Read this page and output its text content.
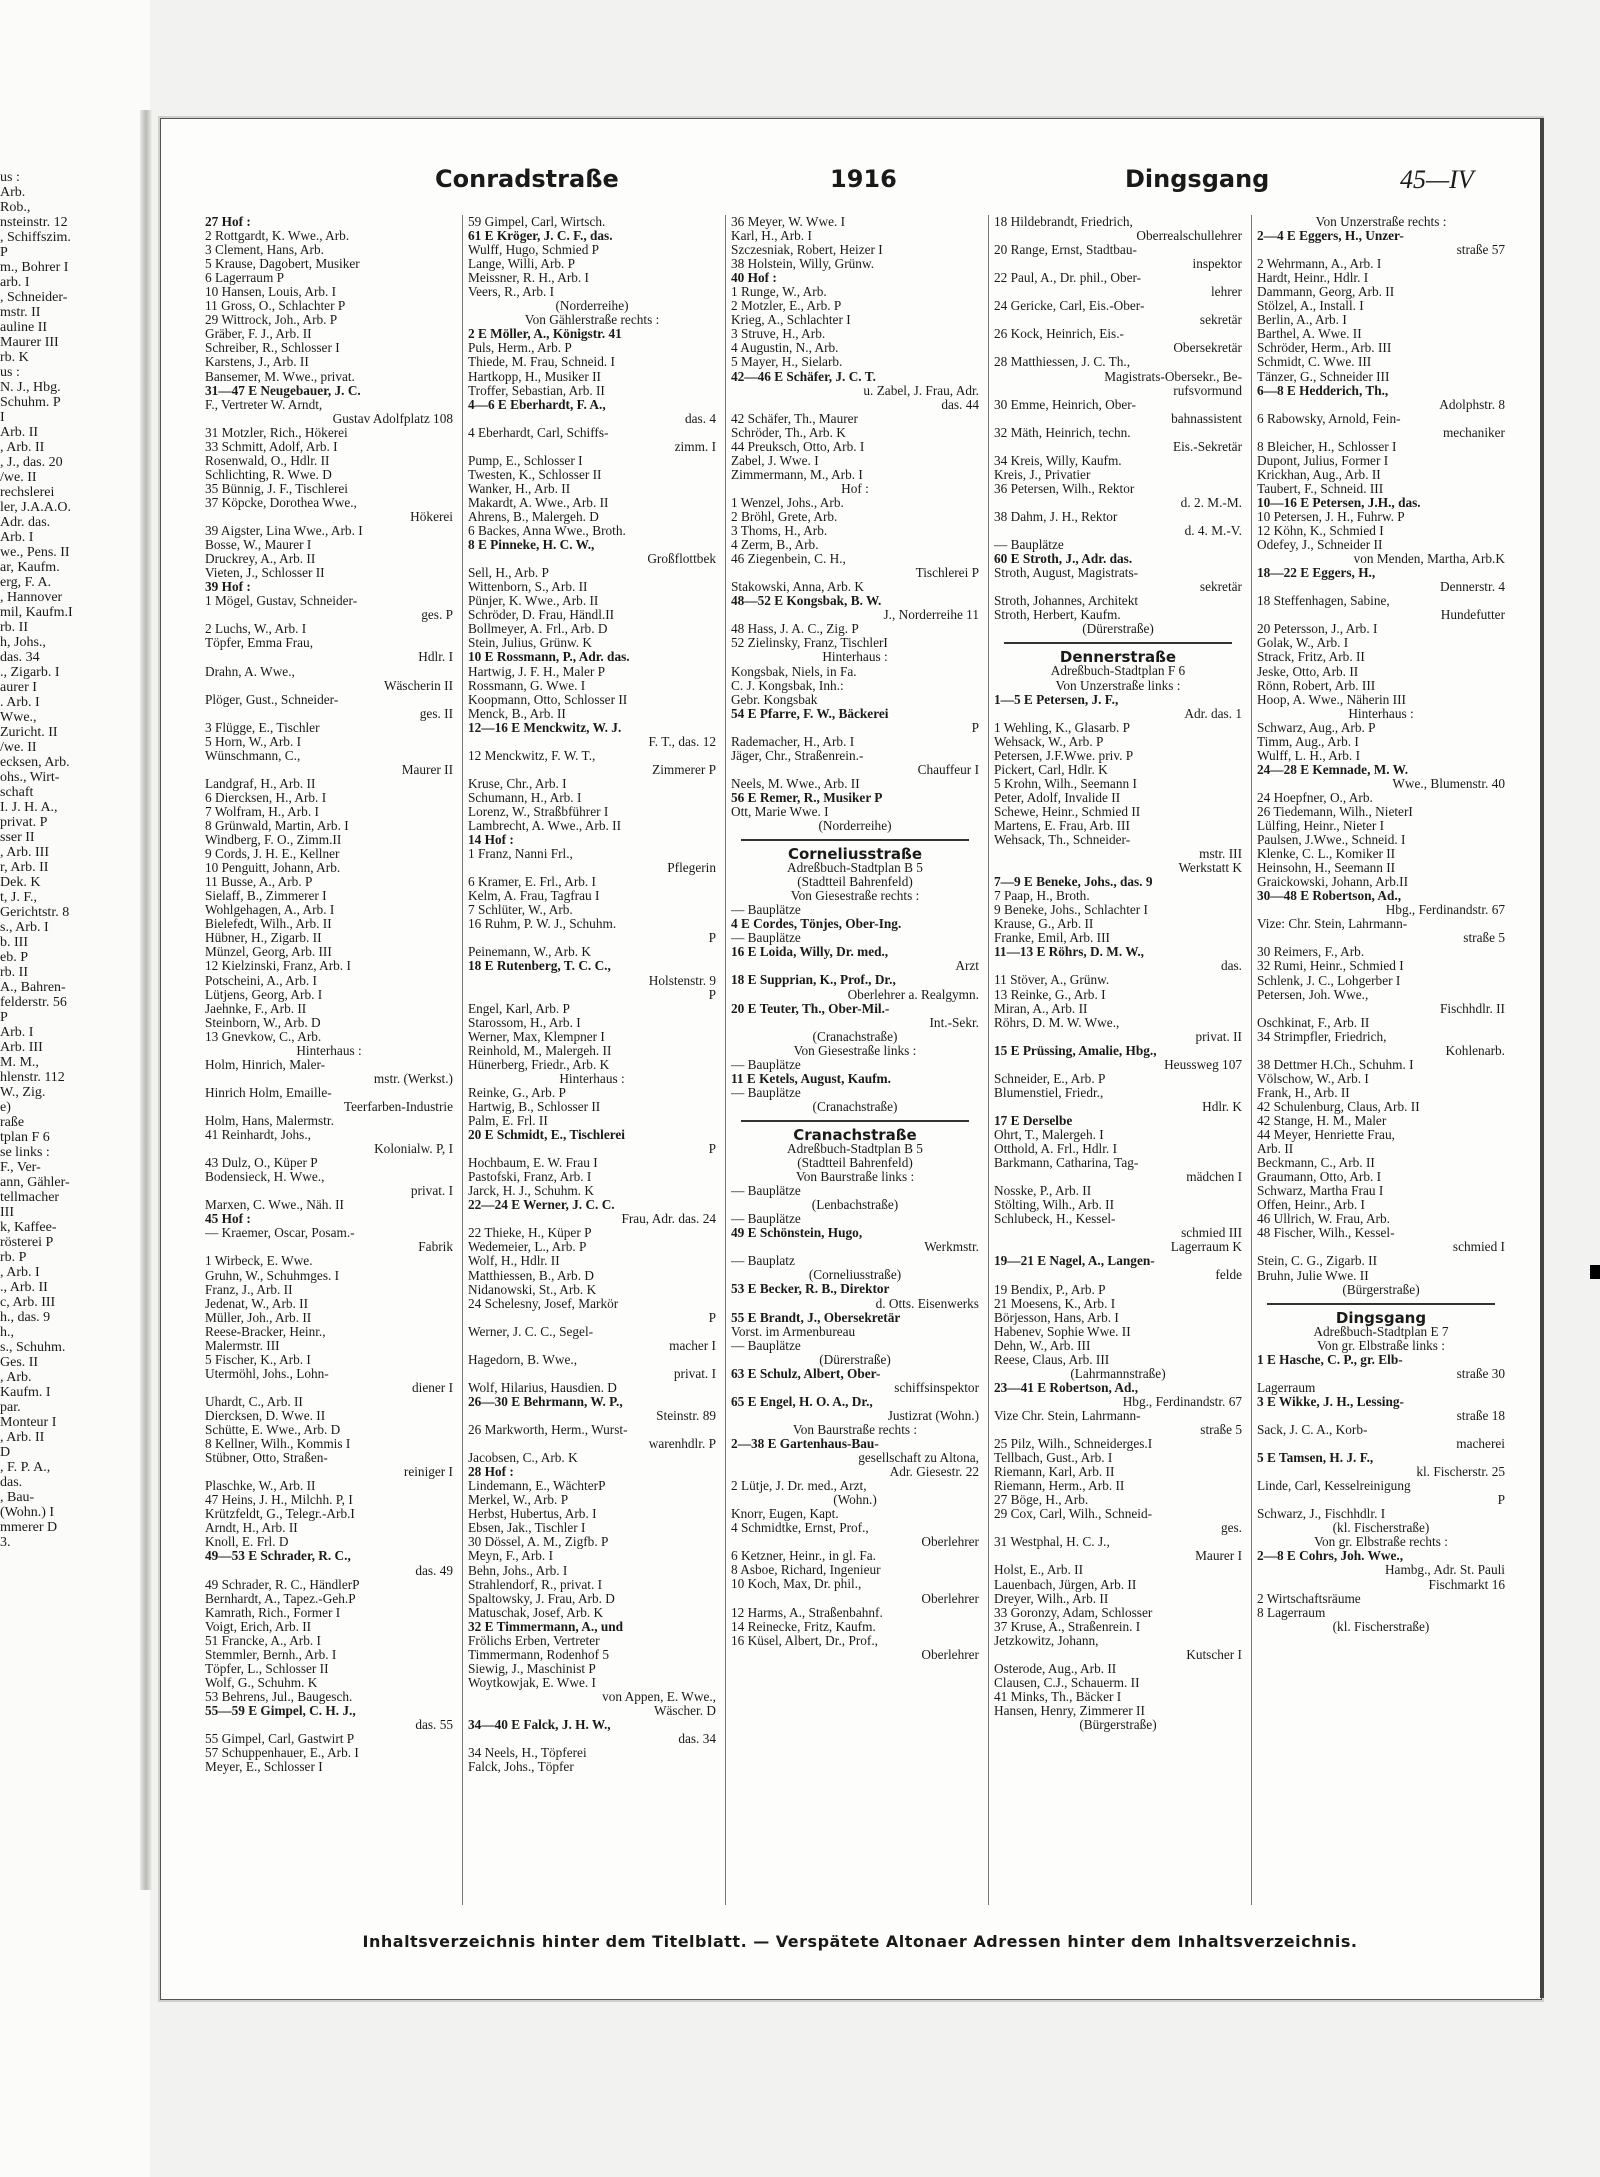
us :
Arb.
Rob.,
nsteinstr. 12
, Schiffszim.
P
m., Bohrer I
arb. I
, Schneider-
mstr. II
auline II
Maurer III
rb. K
us :
N. J., Hbg.
Schuhm. P
I
Arb. II
, Arb. II
, J., das. 20
/we. II
rechslerei
ler, J.A.A.O.
Adr. das.
Arb. I
we., Pens. II
ar, Kaufm.
erg, F. A.
, Hannover
mil, Kaufm.I
rb. II
h, Johs.,
das. 34
., Zigarb. I
aurer I
. Arb. I
Wwe.,
Zuricht. II
/we. II
ecksen, Arb.
ohs., Wirt-
schaft
I. J. H. A.,
privat. P
sser II
, Arb. III
r, Arb. II
Dek. K
t, J. F.,
Gerichtstr. 8
s., Arb. I
b. III
eb. P
rb. II
A., Bahren-
felderstr. 56
P
Arb. I
Arb. III
M. M.,
hlenstr. 112
W., Zig.
e)
raße
tplan F 6
se links :
F., Ver-
ann, Gähler-
tellmacher
III
k, Kaffee-
rösterei P
rb. P
, Arb. I
., Arb. II
c, Arb. III
h., das. 9
h.,
s., Schuhm.
Ges. II
, Arb.
Kaufm. I
par.
Monteur I
, Arb. II
D
, F. P. A.,
das.
, Bau-
(Wohn.) I
mmerer D
3.
Conradstraße	1916	Dingsgang	45—IV
27 Hof :
2 Rottgardt, K. Wwe., Arb.
3 Clement, Hans, Arb.
5 Krause, Dagobert, Musiker
6 Lagerraum P
10 Hansen, Louis, Arb. I
11 Gross, O., Schlachter P
29 Wittrock, Joh., Arb. P
Gräber, F. J., Arb. II
Schreiber, R., Schlosser I
Karstens, J., Arb. II
Bansemer, M. Wwe., privat.
31—47 E Neugebauer, J. C.
F., Vertreter W. Arndt,
Gustav Adolfplatz 108
31 Motzler, Rich., Hökerei
33 Schmitt, Adolf, Arb. I
Rosenwald, O., Hdlr. II
Schlichting, R. Wwe. D
35 Bünnig, J. F., Tischlerei
37 Köpcke, Dorothea Wwe.,
Hökerei
39 Aigster, Lina Wwe., Arb. I
Bosse, W., Maurer I
Druckrey, A., Arb. II
Vieten, J., Schlosser II
39 Hof :
1 Mögel, Gustav, Schneider-
ges. P
2 Luchs, W., Arb. I
Töpfer, Emma Frau,
Hdlr. I
Drahn, A. Wwe.,
Wäscherin II
Plöger, Gust., Schneider-
ges. II
3 Flügge, E., Tischler
5 Horn, W., Arb. I
Wünschmann, C.,
Maurer II
Landgraf, H., Arb. II
6 Diercksen, H., Arb. I
7 Wolfram, H., Arb. I
8 Grünwald, Martin, Arb. I
Windberg, F. O., Zimm.II
9 Cords, J. H. E., Kellner
10 Penguitt, Johann, Arb.
11 Busse, A., Arb. P
Sielaff, B., Zimmerer I
Wohlgehagen, A., Arb. I
Bielefedt, Wilh., Arb. II
Hübner, H., Zigarb. II
Münzel, Georg, Arb. III
12 Kielzinski, Franz, Arb. I
Potscheini, A., Arb. I
Lütjens, Georg, Arb. I
Jaehnke, F., Arb. II
Steinborn, W., Arb. D
13 Gnevkow, C., Arb.
Hinterhaus :
Holm, Hinrich, Maler-
mstr. (Werkst.)
Hinrich Holm, Emaille-
Teerfarben-Industrie
Holm, Hans, Malermstr.
41 Reinhardt, Johs.,
Kolonialw. P, I
43 Dulz, O., Küper P
Bodensieck, H. Wwe.,
privat. I
Marxen, C. Wwe., Näh. II
45 Hof :
— Kraemer, Oscar, Posam.-
Fabrik
1 Wirbeck, E. Wwe.
Gruhn, W., Schuhmges. I
Franz, J., Arb. II
Jedenat, W., Arb. II
Müller, Joh., Arb. II
Reese-Bracker, Heinr.,
Malermstr. III
5 Fischer, K., Arb. I
Utermöhl, Johs., Lohn-
diener I
Uhardt, C., Arb. II
Diercksen, D. Wwe. II
Schütte, E. Wwe., Arb. D
8 Kellner, Wilh., Kommis I
Stübner, Otto, Straßen-
reiniger I
Plaschke, W., Arb. II
47 Heins, J. H., Milchh. P, I
Krützfeldt, G., Telegr.-Arb.I
Arndt, H., Arb. II
Knoll, E. Frl. D
49—53 E Schrader, R. C.,
das. 49
49 Schrader, R. C., HändlerP
Bernhardt, A., Tapez.-Geh.P
Kamrath, Rich., Former I
Voigt, Erich, Arb. II
51 Francke, A., Arb. I
Stemmler, Bernh., Arb. I
Töpfer, L., Schlosser II
Wolf, G., Schuhm. K
53 Behrens, Jul., Baugesch.
55—59 E Gimpel, C. H. J.,
das. 55
55 Gimpel, Carl, Gastwirt P
57 Schuppenhauer, E., Arb. I
Meyer, E., Schlosser I
59 Gimpel, Carl, Wirtsch.
61 E Kröger, J. C. F., das.
Wulff, Hugo, Schmied P
Lange, Willi, Arb. P
Meissner, R. H., Arb. I
Veers, R., Arb. I
(Norderreihe)
Von Gählerstraße rechts :
2 E Möller, A., Königstr. 41
Puls, Herm., Arb. P
Thiede, M. Frau, Schneid. I
Hartkopp, H., Musiker II
Troffer, Sebastian, Arb. II
4—6 E Eberhardt, F. A.,
das. 4
4 Eberhardt, Carl, Schiffs-
zimm. I
Pump, E., Schlosser I
Twesten, K., Schlosser II
Wanker, H., Arb. II
Makardt, A. Wwe., Arb. II
Ahrens, B., Malergeh. D
6 Backes, Anna Wwe., Broth.
8 E Pinneke, H. C. W.,
Großflottbek
Sell, H., Arb. P
Wittenborn, S., Arb. II
Pünjer, K. Wwe., Arb. II
Schröder, D. Frau, Händl.II
Bollmeyer, A. Frl., Arb. D
Stein, Julius, Grünw. K
10 E Rossmann, P., Adr. das.
Hartwig, J. F. H., Maler P
Rossmann, G. Wwe. I
Koopmann, Otto, Schlosser II
Menck, B., Arb. II
12—16 E Menckwitz, W. J.
F. T., das. 12
12 Menckwitz, F. W. T.,
Zimmerer P
Kruse, Chr., Arb. I
Schumann, H., Arb. I
Lorenz, W., Straßbführer I
Lambrecht, A. Wwe., Arb. II
14 Hof :
1 Franz, Nanni Frl.,
Pflegerin
6 Kramer, E. Frl., Arb. I
Kelm, A. Frau, Tagfrau I
7 Schlüter, W., Arb.
16 Ruhm, P. W. J., Schuhm.
P
Peinemann, W., Arb. K
18 E Rutenberg, T. C. C.,
Holstenstr. 9
P
Engel, Karl, Arb. P
Starossom, H., Arb. I
Werner, Max, Klempner I
Reinhold, M., Malergeh. II
Hünerberg, Friedr., Arb. K
Hinterhaus :
Reinke, G., Arb. P
Hartwig, B., Schlosser II
Palm, E. Frl. II
20 E Schmidt, E., Tischlerei
P
Hochbaum, E. W. Frau I
Pastofski, Franz, Arb. I
Jarck, H. J., Schuhm. K
22—24 E Werner, J. C. C.
Frau, Adr. das. 24
22 Thieke, H., Küper P
Wedemeier, L., Arb. P
Wolf, H., Hdlr. II
Matthiessen, B., Arb. D
Nidanowski, St., Arb. K
24 Schelesny, Josef, Markör
P
Werner, J. C. C., Segel-
macher I
Hagedorn, B. Wwe.,
privat. I
Wolf, Hilarius, Hausdien. D
26—30 E Behrmann, W. P.,
Steinstr. 89
26 Markworth, Herm., Wurst-
warenhdlr. P
Jacobsen, C., Arb. K
28 Hof :
Lindemann, E., WächterP
Merkel, W., Arb. P
Herbst, Hubertus, Arb. I
Ebsen, Jak., Tischler I
30 Dössel, A. M., Zigfb. P
Meyn, F., Arb. I
Behn, Johs., Arb. I
Strahlendorf, R., privat. I
Spaltowsky, J. Frau, Arb. D
Matuschak, Josef, Arb. K
32 E Timmermann, A., und
Frölichs Erben, Vertreter
Timmermann, Rodenhof 5
Siewig, J., Maschinist P
Woytkowjak, E. Wwe. I
von Appen, E. Wwe.,
Wäscher. D
34—40 E Falck, J. H. W.,
das. 34
34 Neels, H., Töpferei
Falck, Johs., Töpfer
36 Meyer, W. Wwe. I
Karl, H., Arb. I
Szczesniak, Robert, Heizer I
38 Holstein, Willy, Grünw.
40 Hof :
1 Runge, W., Arb.
2 Motzler, E., Arb. P
Krieg, A., Schlachter I
3 Struve, H., Arb.
4 Augustin, N., Arb.
5 Mayer, H., Sielarb.
42—46 E Schäfer, J. C. T.
u. Zabel, J. Frau, Adr.
das. 44
42 Schäfer, Th., Maurer
Schröder, Th., Arb. K
44 Preuksch, Otto, Arb. I
Zabel, J. Wwe. I
Zimmermann, M., Arb. I
Hof :
1 Wenzel, Johs., Arb.
2 Bröhl, Grete, Arb.
3 Thoms, H., Arb.
4 Zerm, B., Arb.
46 Ziegenbein, C. H.,
Tischlerei P
Stakowski, Anna, Arb. K
48—52 E Kongsbak, B. W.
J., Norderreihe 11
48 Hass, J. A. C., Zig. P
52 Zielinsky, Franz, TischlerI
Hinterhaus :
Kongsbak, Niels, in Fa.
C. J. Kongsbak, Inh.:
Gebr. Kongsbak
54 E Pfarre, F. W., Bäckerei
P
Rademacher, H., Arb. I
Jäger, Chr., Straßenrein.-
Chauffeur I
Neels, M. Wwe., Arb. II
56 E Remer, R., Musiker P
Ott, Marie Wwe. I
(Norderreihe)
Corneliusstraße
Adreßbuch-Stadtplan B 5
(Stadtteil Bahrenfeld)
Von Giesestraße rechts :
— Bauplätze
4 E Cordes, Tönjes, Ober-Ing.
— Bauplätze
16 E Loida, Willy, Dr. med.,
Arzt
18 E Supprian, K., Prof., Dr.,
Oberlehrer a. Realgymn.
20 E Teuter, Th., Ober-Mil.-
Int.-Sekr.
(Cranachstraße)
Von Giesestraße links :
— Bauplätze
11 E Ketels, August, Kaufm.
— Bauplätze
(Cranachstraße)
Cranachstraße
Adreßbuch-Stadtplan B 5
(Stadtteil Bahrenfeld)
Von Baurstraße links :
— Bauplätze
(Lenbachstraße)
— Bauplätze
49 E Schönstein, Hugo,
Werkmstr.
— Bauplatz
(Corneliusstraße)
53 E Becker, R. B., Direktor
d. Otts. Eisenwerks
55 E Brandt, J., Obersekretär
Vorst. im Armenbureau
— Bauplätze
(Dürerstraße)
63 E Schulz, Albert, Ober-
schiffsinspektor
65 E Engel, H. O. A., Dr.,
Justizrat (Wohn.)
Von Baurstraße rechts :
2—38 E Gartenhaus-Bau-
gesellschaft zu Altona,
Adr. Giesestr. 22
2 Lütje, J. Dr. med., Arzt,
(Wohn.)
Knorr, Eugen, Kapt.
4 Schmidtke, Ernst, Prof.,
Oberlehrer
6 Ketzner, Heinr., in gl. Fa.
8 Asboe, Richard, Ingenieur
10 Koch, Max, Dr. phil.,
Oberlehrer
12 Harms, A., Straßenbahnf.
14 Reinecke, Fritz, Kaufm.
16 Küsel, Albert, Dr., Prof.,
Oberlehrer
18 Hildebrandt, Friedrich,
Oberrealschullehrer
20 Range, Ernst, Stadtbau-
inspektor
22 Paul, A., Dr. phil., Ober-
lehrer
24 Gericke, Carl, Eis.-Ober-
sekretär
26 Kock, Heinrich, Eis.-
Obersekretär
28 Matthiessen, J. C. Th.,
Magistrats-Obersekr., Be-
rufsvormund
30 Emme, Heinrich, Ober-
bahnassistent
32 Mäth, Heinrich, techn.
Eis.-Sekretär
34 Kreis, Willy, Kaufm.
Kreis, J., Privatier
36 Petersen, Wilh., Rektor
d. 2. M.-M.
38 Dahm, J. H., Rektor
d. 4. M.-V.
— Bauplätze
60 E Stroth, J., Adr. das.
Stroth, August, Magistrats-
sekretär
Stroth, Johannes, Architekt
Stroth, Herbert, Kaufm.
(Dürerstraße)
Dennerstraße
Adreßbuch-Stadtplan F 6
Von Unzerstraße links :
1—5 E Petersen, J. F.,
Adr. das. 1
1 Wehling, K., Glasarb. P
Wehsack, W., Arb. P
Petersen, J.F.Wwe. priv. P
Pickert, Carl, Hdlr. K
5 Krohn, Wilh., Seemann I
Peter, Adolf, Invalide II
Schewe, Heinr., Schmied II
Martens, E. Frau, Arb. III
Wehsack, Th., Schneider-
mstr. III
Werkstatt K
7—9 E Beneke, Johs., das. 9
7 Paap, H., Broth.
9 Beneke, Johs., Schlachter I
Krause, G., Arb. II
Franke, Emil, Arb. III
11—13 E Röhrs, D. M. W.,
das.
11 Stöver, A., Grünw.
13 Reinke, G., Arb. I
Miran, A., Arb. II
Röhrs, D. M. W. Wwe.,
privat. II
15 E Prüssing, Amalie, Hbg.,
Heussweg 107
Schneider, E., Arb. P
Blumenstiel, Friedr.,
Hdlr. K
17 E Derselbe
Ohrt, T., Malergeh. I
Otthold, A. Frl., Hdlr. I
Barkmann, Catharina, Tag-
mädchen I
Nosske, P., Arb. II
Stölting, Wilh., Arb. II
Schlubeck, H., Kessel-
schmied III
Lagerraum K
19—21 E Nagel, A., Langen-
felde
19 Bendix, P., Arb. P
21 Moesens, K., Arb. I
Börjesson, Hans, Arb. I
Habenev, Sophie Wwe. II
Dehn, W., Arb. III
Reese, Claus, Arb. III
(Lahrmannstraße)
23—41 E Robertson, Ad.,
Hbg., Ferdinandstr. 67
Vize Chr. Stein, Lahrmann-
straße 5
25 Pilz, Wilh., Schneiderges.I
Tellbach, Gust., Arb. I
Riemann, Karl, Arb. II
Riemann, Herm., Arb. II
27 Böge, H., Arb.
29 Cox, Carl, Wilh., Schneid-
ges.
31 Westphal, H. C. J.,
Maurer I
Holst, E., Arb. II
Lauenbach, Jürgen, Arb. II
Dreyer, Wilh., Arb. II
33 Goronzy, Adam, Schlosser
37 Kruse, A., Straßenrein. I
Jetzkowitz, Johann,
Kutscher I
Osterode, Aug., Arb. II
Clausen, C.J., Schauerm. II
41 Minks, Th., Bäcker I
Hansen, Henry, Zimmerer II
(Bürgerstraße)
Von Unzerstraße rechts :
2—4 E Eggers, H., Unzer-
straße 57
2 Wehrmann, A., Arb. I
Hardt, Heinr., Hdlr. I
Dammann, Georg, Arb. II
Stölzel, A., Install. I
Berlin, A., Arb. I
Barthel, A. Wwe. II
Schröder, Herm., Arb. III
Schmidt, C. Wwe. III
Tänzer, G., Schneider III
6—8 E Hedderich, Th.,
Adolphstr. 8
6 Rabowsky, Arnold, Fein-
mechaniker
8 Bleicher, H., Schlosser I
Dupont, Julius, Former I
Krickhan, Aug., Arb. II
Taubert, F., Schneid. III
10—16 E Petersen, J.H., das.
10 Petersen, J. H., Fuhrw. P
12 Köhn, K., Schmied I
Odefey, J., Schneider II
von Menden, Martha, Arb.K
18—22 E Eggers, H.,
Dennerstr. 4
18 Steffenhagen, Sabine,
Hundefutter
20 Petersson, J., Arb. I
Golak, W., Arb. I
Strack, Fritz, Arb. II
Jeske, Otto, Arb. II
Rönn, Robert, Arb. III
Hoop, A. Wwe., Näherin III
Hinterhaus :
Schwarz, Aug., Arb. P
Timm, Aug., Arb. I
Wulff, L. H., Arb. I
24—28 E Kemnade, M. W.
Wwe., Blumenstr. 40
24 Hoepfner, O., Arb.
26 Tiedemann, Wilh., NieterI
Lülfing, Heinr., Nieter I
Paulsen, J.Wwe., Schneid. I
Klenke, C. L., Komiker II
Heinsohn, H., Seemann II
Graickowski, Johann, Arb.II
30—48 E Robertson, Ad.,
Hbg., Ferdinandstr. 67
Vize: Chr. Stein, Lahrmann-
straße 5
30 Reimers, F., Arb.
32 Rumi, Heinr., Schmied I
Schlenk, J. C., Lohgerber I
Petersen, Joh. Wwe.,
Fischhdlr. II
Oschkinat, F., Arb. II
34 Strimpfler, Friedrich,
Kohlenarb.
38 Dettmer H.Ch., Schuhm. I
Völschow, W., Arb. I
Frank, H., Arb. II
42 Schulenburg, Claus, Arb. II
42 Stange, H. M., Maler
44 Meyer, Henriette Frau,
Arb. II
Beckmann, C., Arb. II
Graumann, Otto, Arb. I
Schwarz, Martha Frau I
Offen, Heinr., Arb. I
46 Ullrich, W. Frau, Arb.
48 Fischer, Wilh., Kessel-
schmied I
Stein, C. G., Zigarb. II
Bruhn, Julie Wwe. II
(Bürgerstraße)
Dingsgang
Adreßbuch-Stadtplan E 7
Von gr. Elbstraße links :
1 E Hasche, C. P., gr. Elb-
straße 30
Lagerraum
3 E Wikke, J. H., Lessing-
straße 18
Sack, J. C. A., Korb-
macherei
5 E Tamsen, H. J. F.,
kl. Fischerstr. 25
Linde, Carl, Kesselreinigung
P
Schwarz, J., Fischhdlr. I
(kl. Fischerstraße)
Von gr. Elbstraße rechts :
2—8 E Cohrs, Joh. Wwe.,
Hambg., Adr. St. Pauli
Fischmarkt 16
2 Wirtschaftsräume
8 Lagerraum
(kl. Fischerstraße)
Inhaltsverzeichnis hinter dem Titelblatt. — Verspätete Altonaer Adressen hinter dem Inhaltsverzeichnis.
